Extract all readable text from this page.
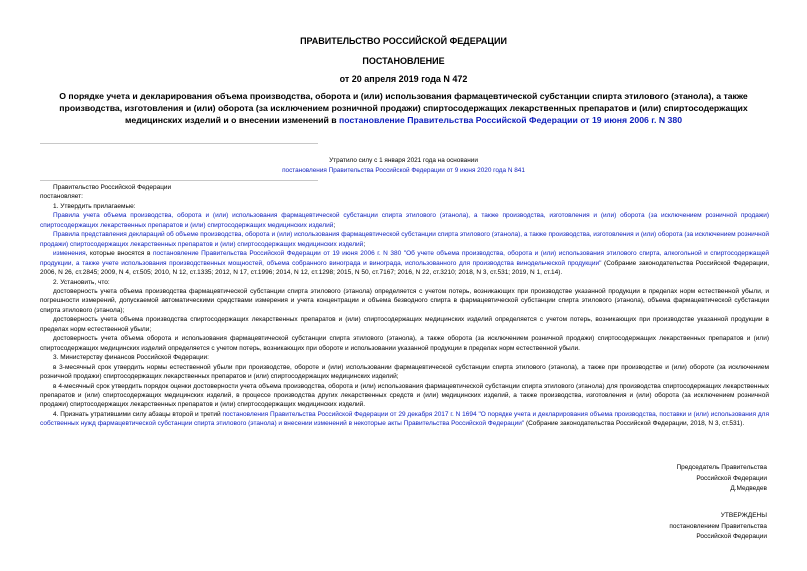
ПРАВИТЕЛЬСТВО РОССИЙСКОЙ ФЕДЕРАЦИИ
ПОСТАНОВЛЕНИЕ
от 20 апреля 2019 года N 472
О порядке учета и декларирования объема производства, оборота и (или) использования фармацевтической субстанции спирта этилового (этанола), а также производства, изготовления и (или) оборота (за исключением розничной продажи) спиртосодержащих лекарственных препаратов и (или) спиртосодержащих медицинских изделий и о внесении изменений в постановление Правительства Российской Федерации от 19 июня 2006 г. N 380
Утратило силу с 1 января 2021 года на основании
постановления Правительства Российской Федерации от 9 июня 2020 года N 841

Правительство Российской Федерации

постановляет:

1. Утвердить прилагаемые:

Правила учета объема производства, оборота и (или) использования фармацевтической субстанции спирта этилового (этанола), а также производства, изготовления и (или) оборота (за исключением розничной продажи) спиртосодержащих лекарственных препаратов и (или) спиртосодержащих медицинских изделий;

Правила представления деклараций об объеме производства, оборота и (или) использования фармацевтической субстанции спирта этилового (этанола), а также производства, изготовления и (или) оборота (за исключением розничной продажи) спиртосодержащих лекарственных препаратов и (или) спиртосодержащих медицинских изделий;

изменения, которые вносятся в постановление Правительства Российской Федерации от 19 июня 2006 г. N 380 "Об учете объема производства, оборота и (или) использования этилового спирта, алкогольной и спиртосодержащей продукции, а также учете использования производственных мощностей, объема собранного винограда и винограда, использованного для производства винодельческой продукции" (Собрание законодательства Российской Федерации, 2006, N 26, ст.2845; 2009, N 4, ст.505; 2010, N 12, ст.1335; 2012, N 17, ст.1996; 2014, N 12, ст.1298; 2015, N 50, ст.7167; 2016, N 22, ст.3210; 2018, N 3, ст.531; 2019, N 1, ст.14).

2. Установить, что:

достоверность учета объема производства фармацевтической субстанции спирта этилового (этанола) определяется с учетом потерь, возникающих при производстве указанной продукции в пределах норм естественной убыли, и погрешности измерений, допускаемой автоматическими средствами измерения и учета концентрации и объема безводного спирта в фармацевтической субстанции спирта этилового (этанола), объема фармацевтической субстанции спирта этилового (этанола);

достоверность учета объема производства спиртосодержащих лекарственных препаратов и (или) спиртосодержащих медицинских изделий определяется с учетом потерь, возникающих при производстве указанной продукции в пределах норм естественной убыли;

достоверность учета объема оборота и использования фармацевтической субстанции спирта этилового (этанола), а также оборота (за исключением розничной продажи) спиртосодержащих лекарственных препаратов и (или) спиртосодержащих медицинских изделий определяется с учетом потерь, возникающих при обороте и использовании указанной продукции в пределах норм естественной убыли.

3. Министерству финансов Российской Федерации:

в 3-месячный срок утвердить нормы естественной убыли при производстве, обороте и (или) использовании фармацевтической субстанции спирта этилового (этанола), а также при производстве и (или) обороте (за исключением розничной продажи) спиртосодержащих лекарственных препаратов и (или) спиртосодержащих медицинских изделий;

в 4-месячный срок утвердить порядок оценки достоверности учета объема производства, оборота и (или) использования фармацевтической субстанции спирта этилового (этанола) для производства спиртосодержащих лекарственных препаратов и (или) спиртосодержащих медицинских изделий, в процессе производства других лекарственных средств и (или) медицинских изделий, а также производства, изготовления и (или) оборота (за исключением розничной продажи) спиртосодержащих лекарственных препаратов и (или) спиртосодержащих медицинских изделий.

4. Признать утратившими силу абзацы второй и третий постановления Правительства Российской Федерации от 29 декабря 2017 г. N 1694 "О порядке учета и декларирования объема производства, поставки и (или) использования для собственных нужд фармацевтической субстанции спирта этилового (этанола) и внесении изменений в некоторые акты Правительства Российской Федерации" (Собрание законодательства Российской Федерации, 2018, N 3, ст.531).

Председатель Правительства
Российской Федерации
Д.Медведев
УТВЕРЖДЕНЫ
постановлением Правительства
Российской Федерации
